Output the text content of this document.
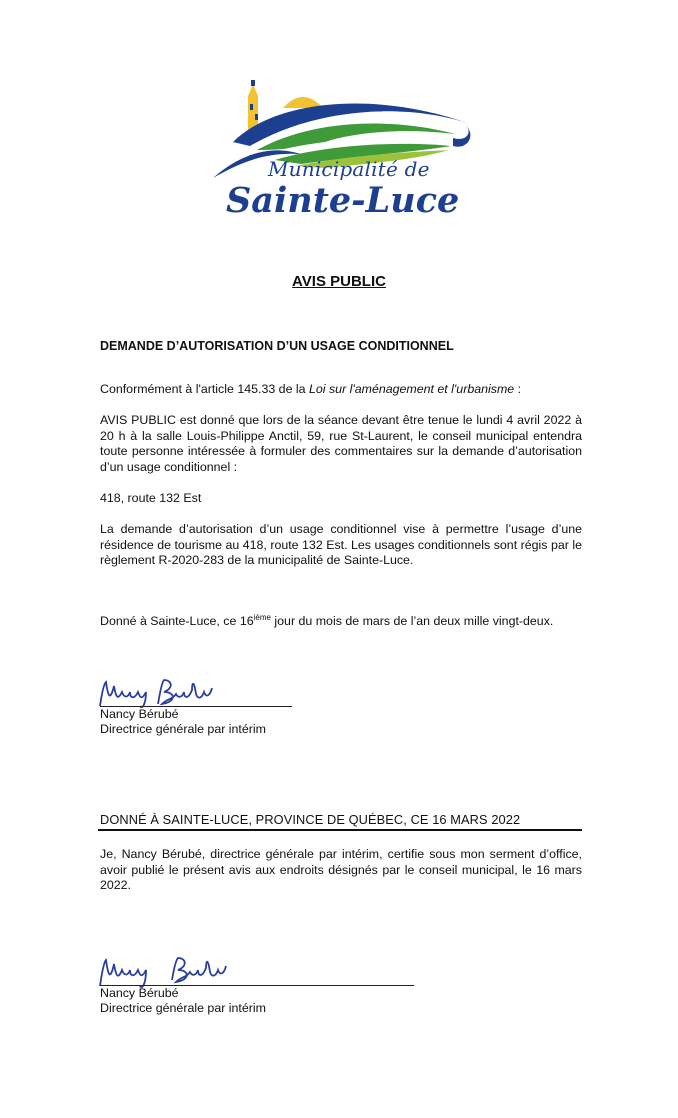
Municipalité de
Sainte-Luce
AVIS PUBLIC
DEMANDE D’AUTORISATION D’UN USAGE CONDITIONNEL
Conformément à l'article 145.33 de la Loi sur l'aménagement et l'urbanisme :
AVIS PUBLIC est donné que lors de la séance devant être tenue le lundi 4 avril 2022 à 20 h à la salle Louis-Philippe Anctil, 59, rue St-Laurent, le conseil municipal entendra toute personne intéressée à formuler des commentaires sur la demande d’autorisation d’un usage conditionnel :
418, route 132 Est
La demande d’autorisation d’un usage conditionnel vise à permettre l’usage d’une résidence de tourisme au 418, route 132 Est. Les usages conditionnels sont régis par le règlement R-2020-283 de la municipalité de Sainte-Luce.
Donné à Sainte-Luce, ce 16ième jour du mois de mars de l’an deux mille vingt-deux.
Nancy Bérubé
Directrice générale par intérim
DONNÉ À SAINTE-LUCE, PROVINCE DE QUÉBEC, CE 16 MARS 2022
Je, Nancy Bérubé, directrice générale par intérim, certifie sous mon serment d’office, avoir publié le présent avis aux endroits désignés par le conseil municipal, le 16 mars 2022.
Nancy Bérubé
Directrice générale par intérim
